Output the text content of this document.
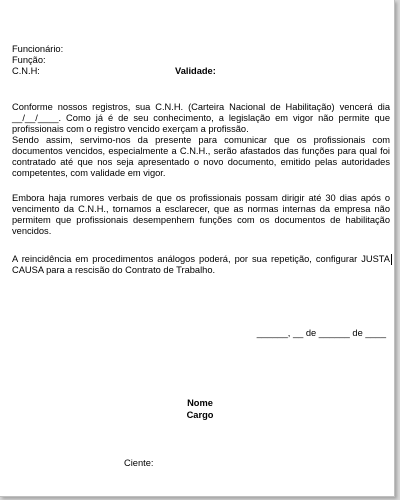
Funcionário:
Função:
C.N.H:	Validade:
Conforme nossos registros, sua C.N.H. (Carteira Nacional de Habilitação) vencerá dia
__/__/____. Como já é de seu conhecimento, a legislação em vigor não permite que
profissionais com o registro vencido exerçam a profissão.
Sendo assim, servimo-nos da presente para comunicar que os profissionais com
documentos vencidos, especialmente a C.N.H., serão afastados das funções para qual foi
contratado até que nos seja apresentado o novo documento, emitido pelas autoridades
competentes, com validade em vigor.
Embora haja rumores verbais de que os profissionais possam dirigir até 30 dias após o
vencimento da C.N.H., tornamos a esclarecer, que as normas internas da empresa não
permitem que profissionais desempenhem funções com os documentos de habilitação
vencidos.
A reincidência em procedimentos análogos poderá, por sua repetição, configurar JUSTA
CAUSA para a rescisão do Contrato de Trabalho.
______, __ de ______ de ____
Nome
Cargo
Ciente:
